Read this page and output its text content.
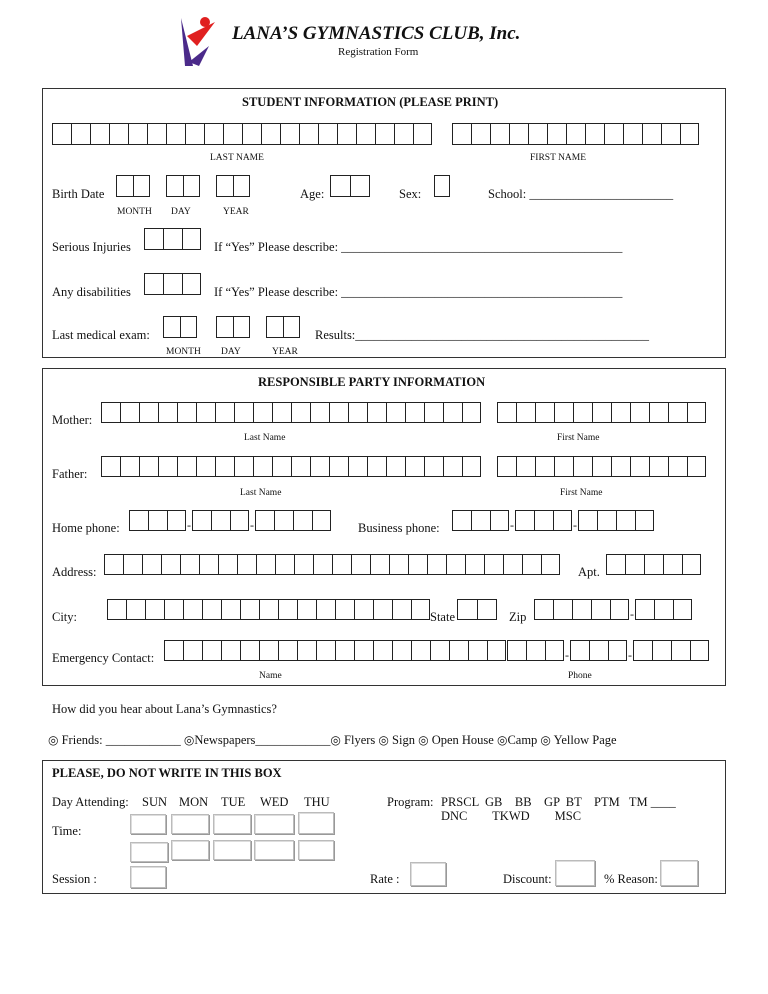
LANA’S GYMNASTICS CLUB, Inc.
Registration Form
STUDENT INFORMATION (PLEASE PRINT)
LAST NAME	FIRST NAME
Birth Date
MONTH DAY	YEAR
Age:	Sex:	School: _______________________
Serious Injuries	If “Yes” Please describe: _____________________________________________
Any disabilities	If “Yes” Please describe: _____________________________________________
Last medical exam:	Results:_______________________________________________
MONTH DAY	YEAR
RESPONSIBLE PARTY INFORMATION
Mother:
Last Name	First Name
Father:
Last Name	First Name
Home phone:	-	-	Business phone:	-	-
Address:	Apt.
City:	State	Zip	-
Emergency Contact:	-	-
Name	Phone
How did you hear about Lana’s Gymnastics?
◎ Friends: ____________ ◎Newspapers____________◎ Flyers ◎ Sign ◎ Open House ◎Camp ◎ Yellow Page
PLEASE, DO NOT WRITE IN THIS BOX
Day Attending: SUN MON TUE WED THU	Program: PRSCL  GB    BB    GP  BT    PTM   TM ____
DNC        TKWD        MSC
Time:
Session :	Rate :	Discount:	% Reason:
